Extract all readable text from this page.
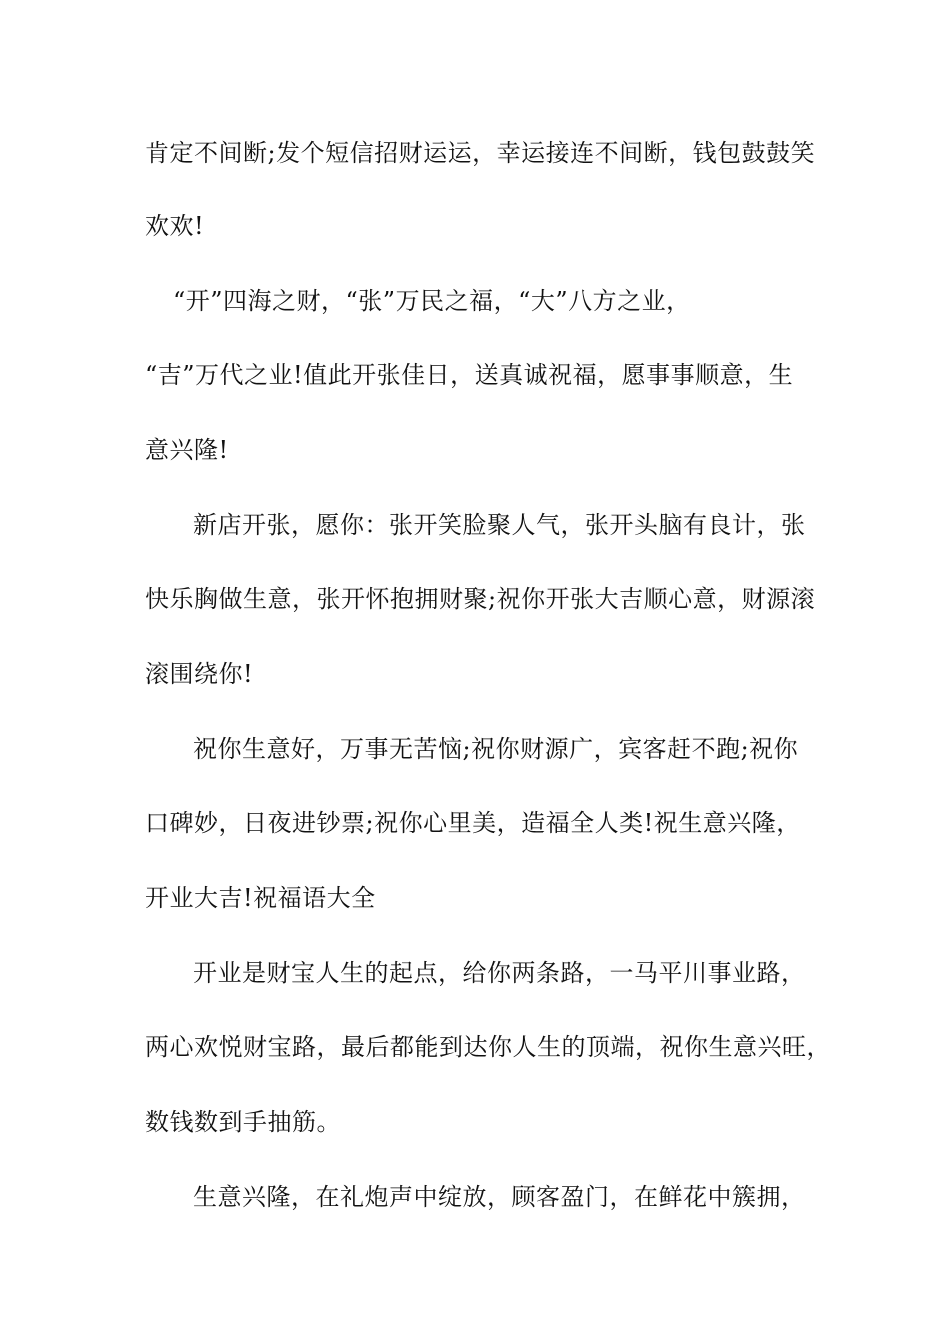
肯定不间断;发个短信招财运运，幸运接连不间断，钱包鼓鼓笑
欢欢!
“开”四海之财，“张”万民之福，“大”八方之业，
“吉”万代之业!值此开张佳日，送真诚祝福，愿事事顺意，生
意兴隆!
新店开张，愿你：张开笑脸聚人气，张开头脑有良计，张
快乐胸做生意，张开怀抱拥财聚;祝你开张大吉顺心意，财源滚
滚围绕你!
祝你生意好，万事无苦恼;祝你财源广，宾客赶不跑;祝你
口碑妙，日夜进钞票;祝你心里美，造福全人类!祝生意兴隆，
开业大吉!祝福语大全
开业是财宝人生的起点，给你两条路，一马平川事业路，
两心欢悦财宝路，最后都能到达你人生的顶端，祝你生意兴旺，
数钱数到手抽筋。
生意兴隆，在礼炮声中绽放，顾客盈门，在鲜花中簇拥，
